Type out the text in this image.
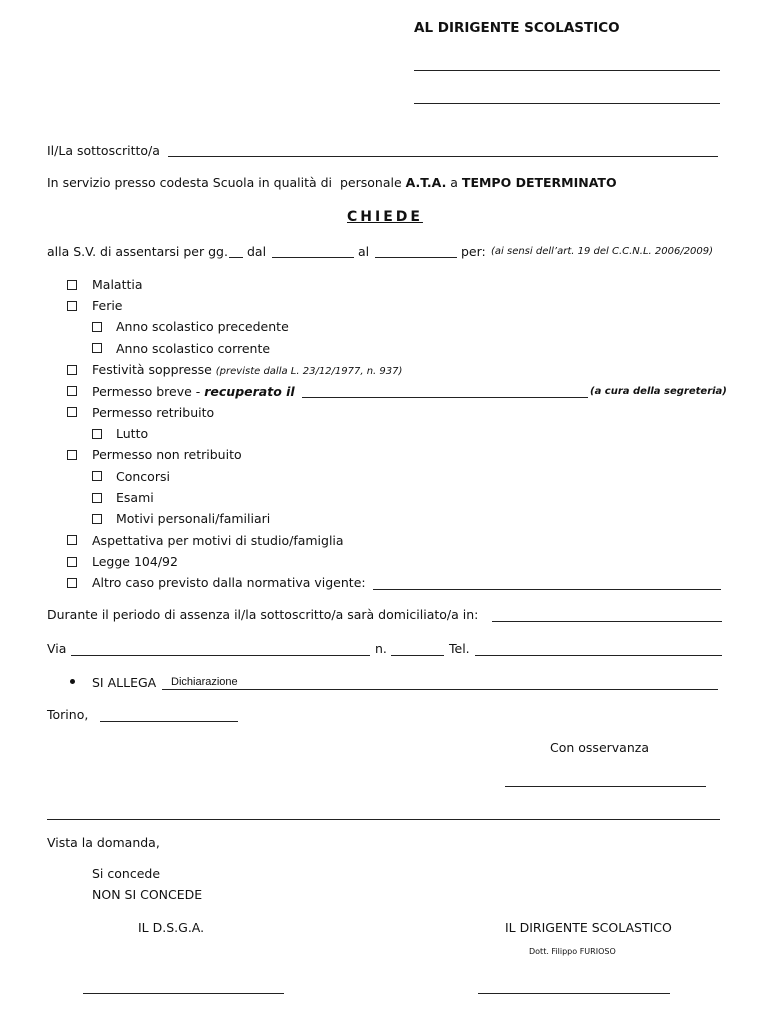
AL DIRIGENTE SCOLASTICO
Il/La sottoscritto/a
In servizio presso codesta Scuola in qualità di  personale A.T.A. a TEMPO DETERMINATO
CHIEDE
alla S.V. di assentarsi per gg. dal	al	per: (ai sensi dell’art. 19 del C.C.N.L. 2006/2009)
Malattia
Ferie
Anno scolastico precedente
Anno scolastico corrente
Festività soppresse (previste dalla L. 23/12/1977, n. 937)
Permesso breve - recuperato il	(a cura della segreteria)
Permesso retribuito
Lutto
Permesso non retribuito
Concorsi
Esami
Motivi personali/familiari
Aspettativa per motivi di studio/famiglia
Legge 104/92
Altro caso previsto dalla normativa vigente:
Durante il periodo di assenza il/la sottoscritto/a sarà domiciliato/a in:
Via	n.	Tel.
SI ALLEGA Dichiarazione
Torino,
Con osservanza
Vista la domanda,
Si concede
NON SI CONCEDE
IL D.S.G.A.	IL DIRIGENTE SCOLASTICO
Dott. Filippo FURIOSO
